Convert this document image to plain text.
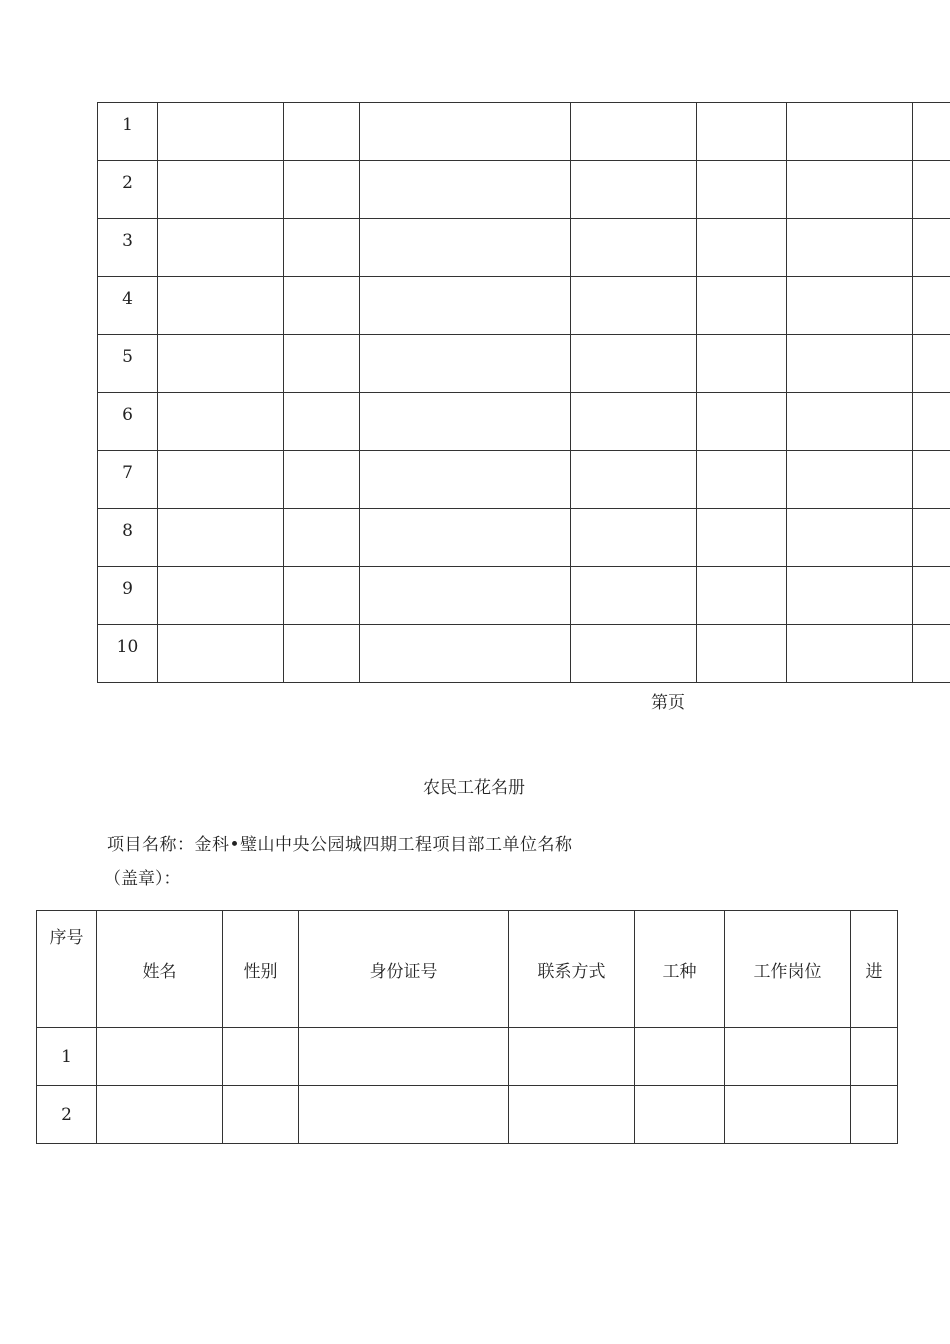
1							
2							
3							
4							
5							
6							
7							
8							
9							
10							
第页
农民工花名册
项目名称：金科•璧山中央公园城四期工程项目部工单位名称
（盖章）：
序号	姓名	性别	身份证号	联系方式	工种	工作岗位	进
1							
2							
